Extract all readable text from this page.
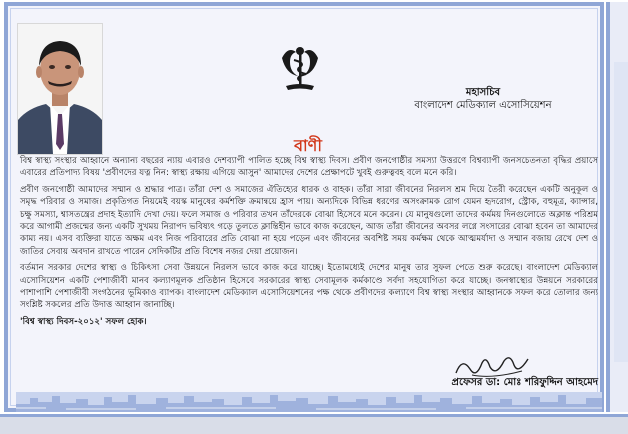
মহাসচিব
বাংলাদেশ মেডিক্যাল এসোসিয়েশন
বাণী

বিশ্ব স্বাস্থ্য সংস্থার আহ্বানে অন্যান্য বছরের ন্যায় এবারও দেশব্যাপী পালিত হচ্ছে বিশ্ব স্বাস্থ্য দিবস। প্রবীণ জনগোষ্ঠীর সমস্যা উত্তরণে বিশ্বব্যাপী জনসচেতনতা বৃদ্ধির প্রয়াসে এবারের প্রতিপাদ্য বিষয় 'প্রবীণদের যত্ন নিন: স্বাস্থ্য রক্ষায় এগিয়ে আসুন' আমাদের দেশের প্রেক্ষাপটে খুবই গুরুত্ববহ বলে মনে করি।

প্রবীণ জনগোষ্ঠী আমাদের সম্মান ও শ্রদ্ধার পাত্র। তাঁরা দেশ ও সমাজের ঐতিহ্যের ধারক ও বাহক। তাঁরা সারা জীবনের নিরলস শ্রম দিয়ে তৈরী করেছেন একটি অনুকূল ও সমৃদ্ধ পরিবার ও সমাজ। প্রকৃতিগত নিয়মেই বয়স্ক মানুষের কর্মশক্তি ক্রমান্বয়ে হ্রাস পায়। অন্যদিকে বিভিন্ন ধরণের অসংক্রামক রোগ যেমন হৃদরোগ, স্ট্রোক, বহুমূত্র, ক্যান্সার, চক্ষু সমস্যা, শ্বাসতন্ত্রের প্রদাহ ইত্যাদি দেখা দেয়। ফলে সমাজ ও পরিবার তখন তাঁদেরকে বোঝা হিসেবে মনে করেন। যে মানুষগুলো তাদের কর্মময় দিনগুলোতে অক্লান্ত পরিশ্রম করে আগামী প্রজন্মের জন্য একটি সুখময় নিরাপদ ভবিষ্যৎ গড়ে তুলতে ক্লান্তিহীন ভাবে কাজ করেছেন, আজ তাঁরা জীবনের অবসর লগ্নে সংসারের বোঝা হবেন তা আমাদের কাম্য নয়। এসব ব্যক্তিরা যাতে অক্ষম এবং নিজ পরিবারের প্রতি বোঝা না হয়ে পড়েন এবং জীবনের অবশিষ্ট সময় কর্মক্ষম থেকে আত্মমর্যাদা ও সম্মান বজায় রেখে দেশ ও জাতির সেবায় অবদান রাখতে পারেন সেদিকটির প্রতি বিশেষ নজর দেয়া প্রয়োজন।

বর্তমান সরকার দেশের স্বাস্থ্য ও চিকিৎসা সেবা উন্নয়নে নিরলস ভাবে কাজ করে যাচ্ছে। ইতোমধ্যেই দেশের মানুষ তার সুফল পেতে শুরু করেছে। বাংলাদেশ মেডিক্যাল এসোসিয়েশন একটি পেশাজীবী মানব কল্যাণমূলক প্রতিষ্ঠান হিসেবে সরকারের স্বাস্থ্য সেবামূলক কর্মকাণ্ডে সর্বদা সহযোগিতা করে যাচ্ছে। জনস্বাস্থ্যের উন্নয়নে সরকারের পাশাপাশি পেশাজীবী সংগঠনের ভূমিকাও ব্যাপক। বাংলাদেশ মেডিক্যাল এসোসিয়েশনের পক্ষ থেকে প্রবীণদের কল্যাণে বিশ্ব স্বাস্থ্য সংস্থার আহ্বানকে সফল করে তোলার জন্য সংশ্লিষ্ট সকলের প্রতি উদাত্ত আহ্বান জানাচ্ছি।

'বিশ্ব স্বাস্থ্য দিবস-২০১২' সফল হোক।

প্রফেসর ডা: মোঃ শরিফুদ্দিন আহমেদ
